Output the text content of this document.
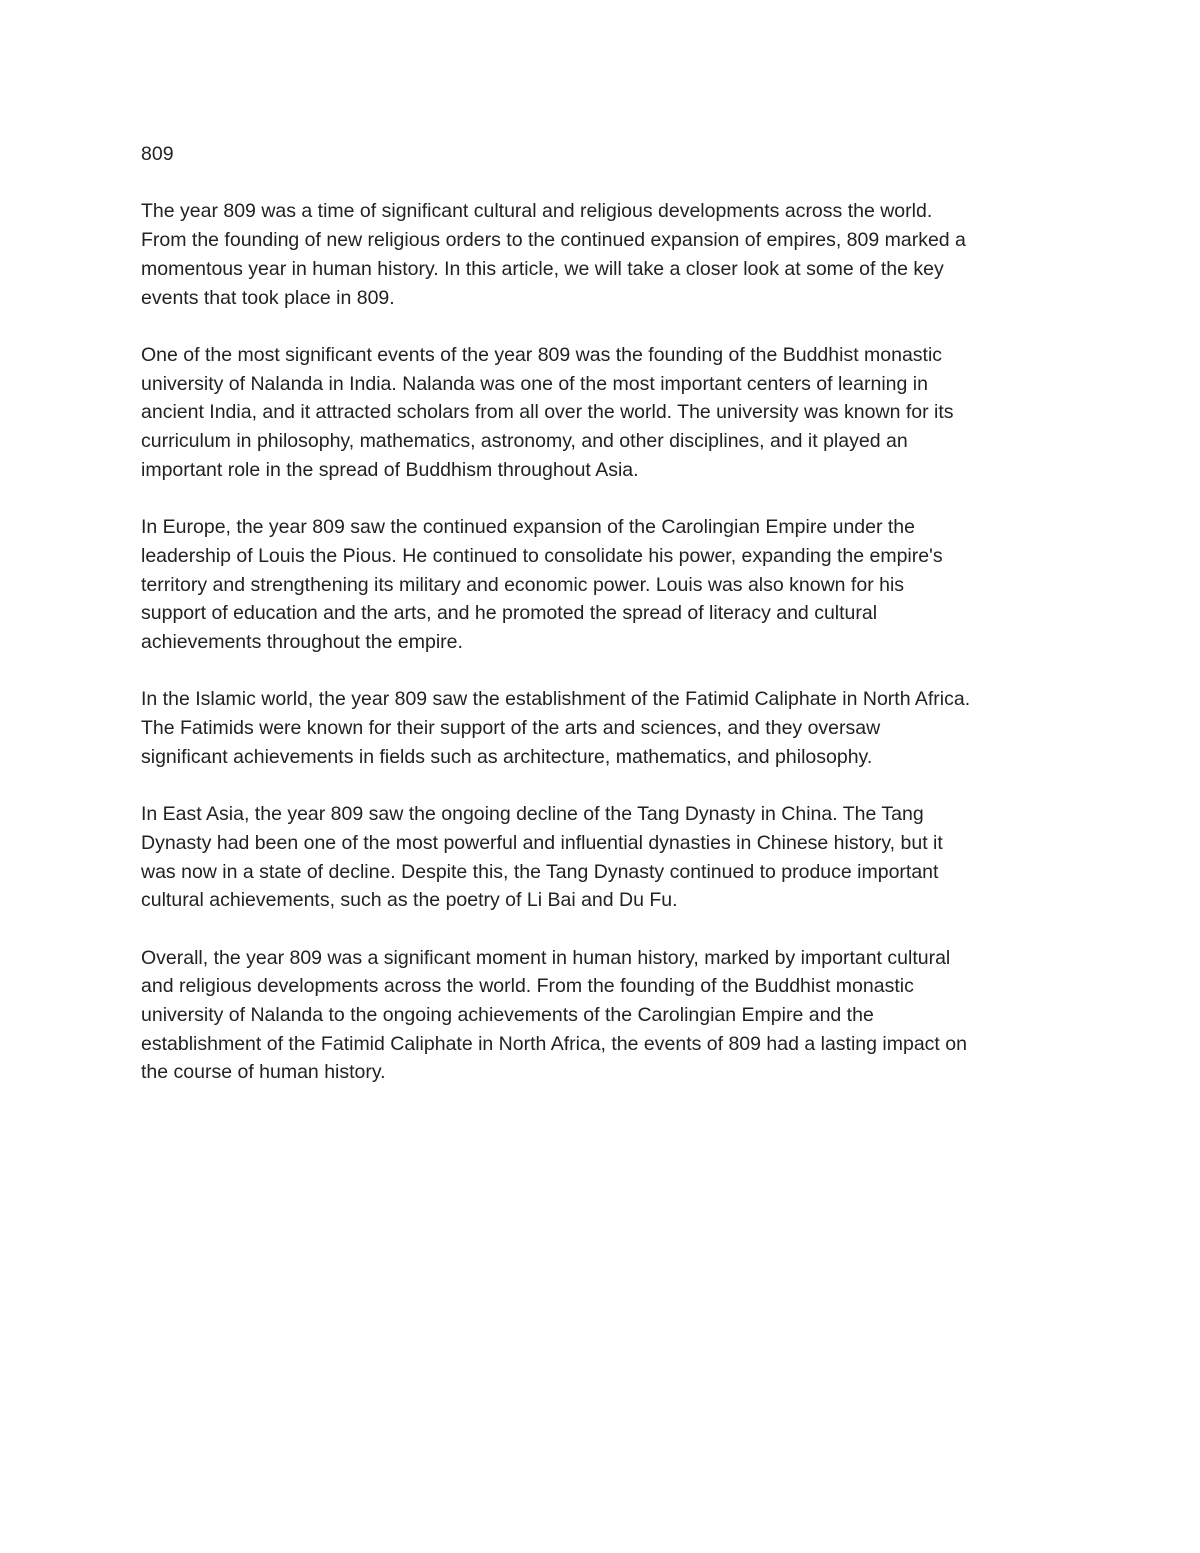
809
The year 809 was a time of significant cultural and religious developments across the world.
From the founding of new religious orders to the continued expansion of empires, 809 marked a
momentous year in human history. In this article, we will take a closer look at some of the key
events that took place in 809.
One of the most significant events of the year 809 was the founding of the Buddhist monastic
university of Nalanda in India. Nalanda was one of the most important centers of learning in
ancient India, and it attracted scholars from all over the world. The university was known for its
curriculum in philosophy, mathematics, astronomy, and other disciplines, and it played an
important role in the spread of Buddhism throughout Asia.
In Europe, the year 809 saw the continued expansion of the Carolingian Empire under the
leadership of Louis the Pious. He continued to consolidate his power, expanding the empire's
territory and strengthening its military and economic power. Louis was also known for his
support of education and the arts, and he promoted the spread of literacy and cultural
achievements throughout the empire.
In the Islamic world, the year 809 saw the establishment of the Fatimid Caliphate in North Africa.
The Fatimids were known for their support of the arts and sciences, and they oversaw
significant achievements in fields such as architecture, mathematics, and philosophy.
In East Asia, the year 809 saw the ongoing decline of the Tang Dynasty in China. The Tang
Dynasty had been one of the most powerful and influential dynasties in Chinese history, but it
was now in a state of decline. Despite this, the Tang Dynasty continued to produce important
cultural achievements, such as the poetry of Li Bai and Du Fu.
Overall, the year 809 was a significant moment in human history, marked by important cultural
and religious developments across the world. From the founding of the Buddhist monastic
university of Nalanda to the ongoing achievements of the Carolingian Empire and the
establishment of the Fatimid Caliphate in North Africa, the events of 809 had a lasting impact on
the course of human history.
